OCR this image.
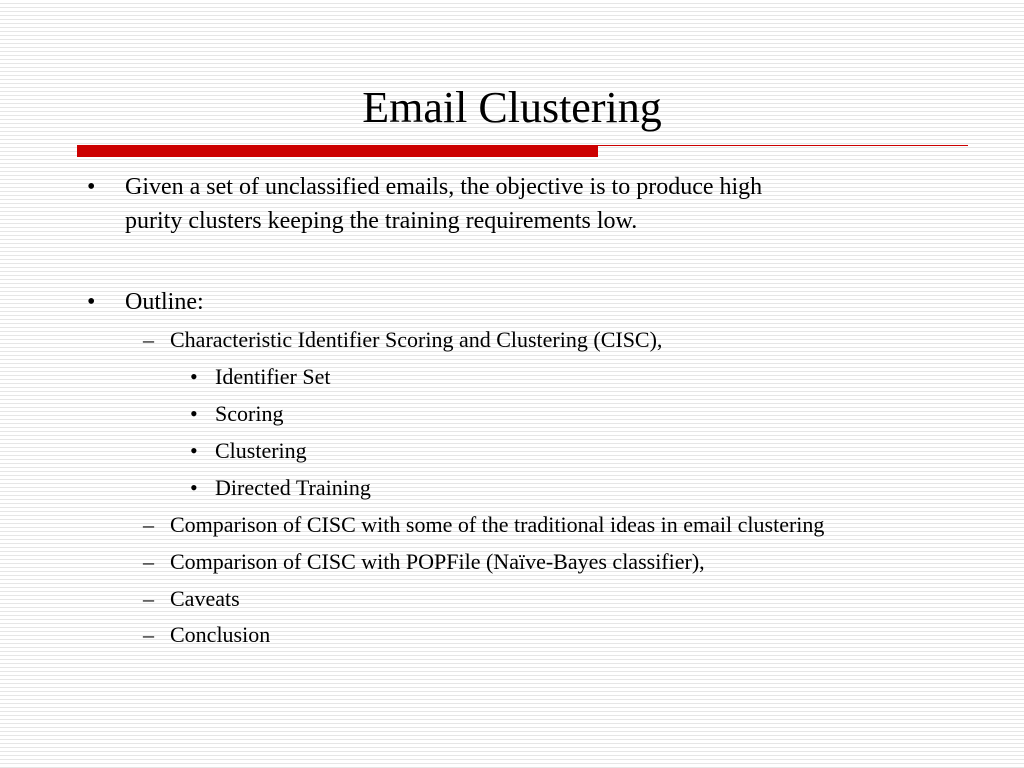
Email Clustering
• Given a set of unclassified emails, the objective is to produce high
purity clusters keeping the training requirements low.
• Outline:
– Characteristic Identifier Scoring and Clustering (CISC),
• Identifier Set
• Scoring
• Clustering
• Directed Training
– Comparison of CISC with some of the traditional ideas in email clustering
– Comparison of CISC with POPFile (Naïve-Bayes classifier),
– Caveats
– Conclusion
